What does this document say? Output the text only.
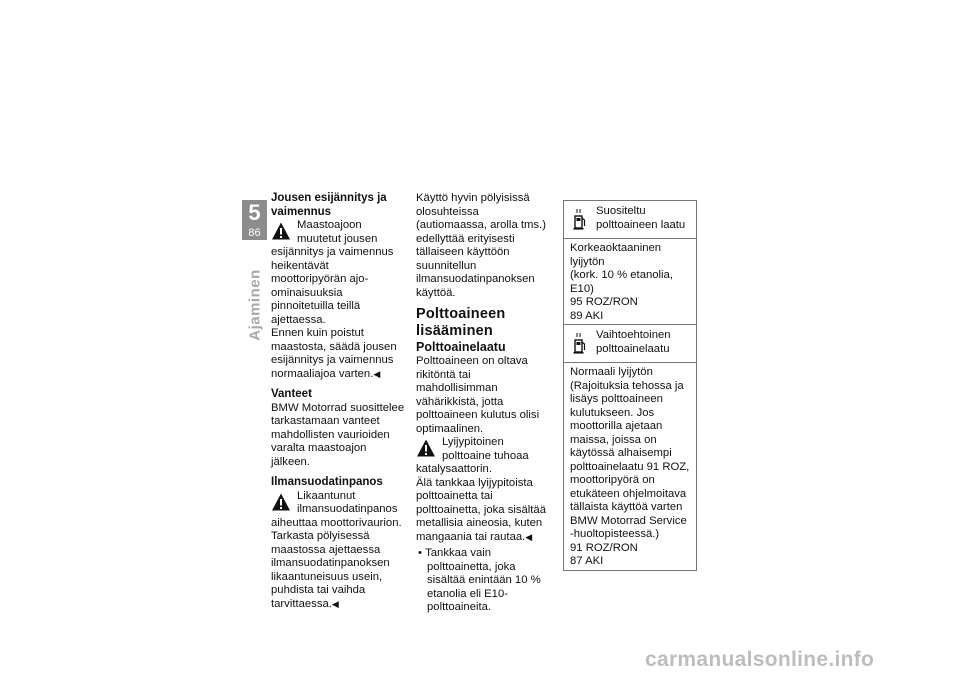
5
86
Ajaminen

Jousen esijännitys ja vaimennus

Maastoajoon muutetut jousen esijännitys ja vaimennus heikentävät moottoripyörän ajo-ominaisuuksia pinnoitetuilla teillä ajettaessa.

Ennen kuin poistut maastosta, säädä jousen esijännitys ja vaimennus normaaliajoa varten.◀

Vanteet

BMW Motorrad suosittelee tarkastamaan vanteet mahdollisten vaurioiden varalta maastoajon jälkeen.

Ilmansuodatinpanos

Likaantunut ilmansuodatinpanos aiheuttaa moottorivaurion.

Tarkasta pölyisessä maastossa ajettaessa ilmansuodatinpanoksen likaantuneisuus usein, puhdista tai vaihda tarvittaessa.◀

Käyttö hyvin pölyisissä olosuhteissa (autiomaassa, arolla tms.) edellyttää erityisesti tällaiseen käyttöön suunnitellun ilmansuodatinpanoksen käyttöä.

Polttoaineen lisääminen

Polttoainelaatu

Polttoaineen on oltava rikitöntä tai mahdollisimman vähärikkistä, jotta polttoaineen kulutus olisi optimaalinen.

Lyijypitoinen polttoaine tuhoaa katalysaattorin.

Älä tankkaa lyijypitoista polttoainetta tai polttoainetta, joka sisältää metallisia aineosia, kuten mangaania tai rautaa.◀

• Tankkaa vain polttoainetta, joka sisältää enintään 10 % etanolia eli E10-polttoaineita.

Suositeltu polttoaineen laatu

Korkeaoktaaninen lyijytön

(kork. 10 % etanolia, E10)

95 ROZ/RON

89 AKI

Vaihtoehtoinen polttoainelaatu

Normaali lyijytön (Rajoituksia tehossa ja lisäys polttoaineen kulutukseen. Jos moottorilla ajetaan maissa, joissa on käytössä alhaisempi polttoainelaatu 91 ROZ, moottoripyörä on etukäteen ohjelmoitava tällaista käyttöä varten BMW Motorrad Service -huoltopisteessä.)

91 ROZ/RON

87 AKI

carmanualsonline.info
